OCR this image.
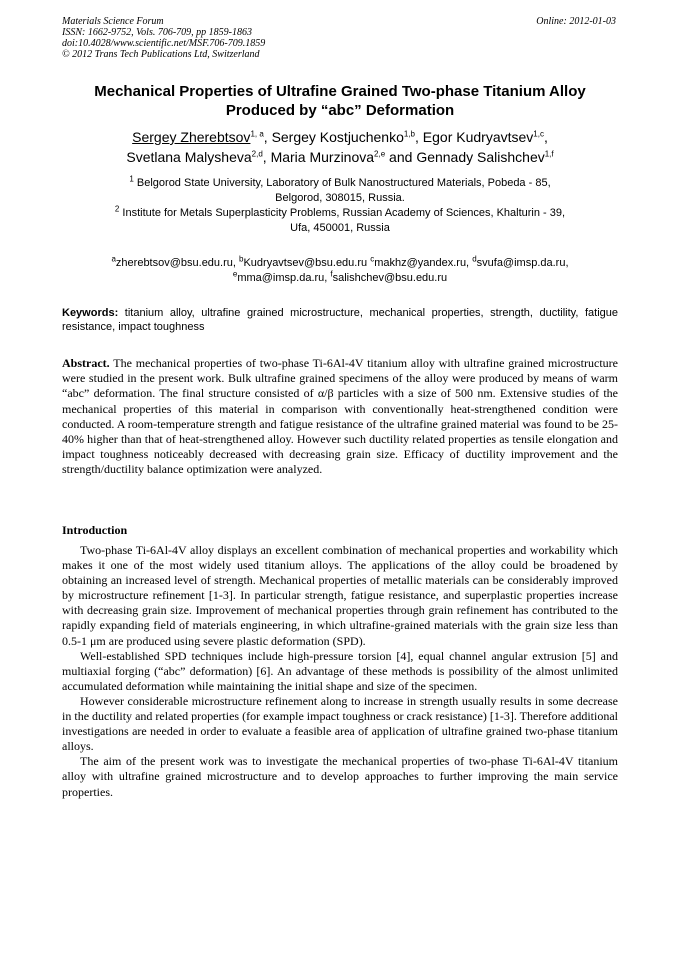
Materials Science Forum
ISSN: 1662-9752, Vols. 706-709, pp 1859-1863
doi:10.4028/www.scientific.net/MSF.706-709.1859
© 2012 Trans Tech Publications Ltd, Switzerland
Online: 2012-01-03
Mechanical Properties of Ultrafine Grained Two-phase Titanium Alloy
Produced by “abc” Deformation
Sergey Zherebtsov$^{1, a}$, Sergey Kostjuchenko$^{1,b}$, Egor Kudryavtsev$^{1,c}$,
Svetlana Malysheva$^{2,d}$, Maria Murzinova$^{2,e}$ and Gennady Salishchev$^{1,f}$
$^1$ Belgorod State University, Laboratory of Bulk Nanostructured Materials, Pobeda - 85,
Belgorod, 308015, Russia.
$^2$ Institute for Metals Superplasticity Problems, Russian Academy of Sciences, Khalturin - 39,
Ufa, 450001, Russia
$^a$zherebtsov@bsu.edu.ru, $^b$Kudryavtsev@bsu.edu.ru $^c$makhz@yandex.ru, $^d$svufa@imsp.da.ru,
$^e$mma@imsp.da.ru, $^f$salishchev@bsu.edu.ru
Keywords: titanium alloy, ultrafine grained microstructure, mechanical properties, strength, ductility, fatigue resistance, impact toughness
Abstract. The mechanical properties of two-phase Ti-6Al-4V titanium alloy with ultrafine grained microstructure were studied in the present work. Bulk ultrafine grained specimens of the alloy were produced by means of warm “abc” deformation. The final structure consisted of α/β particles with a size of 500 nm. Extensive studies of the mechanical properties of this material in comparison with conventionally heat-strengthened condition were conducted. A room-temperature strength and fatigue resistance of the ultrafine grained material was found to be 25-40% higher than that of heat-strengthened alloy. However such ductility related properties as tensile elongation and impact toughness noticeably decreased with decreasing grain size. Efficacy of ductility improvement and the strength/ductility balance optimization were analyzed.
Introduction

Two-phase Ti-6Al-4V alloy displays an excellent combination of mechanical properties and workability which makes it one of the most widely used titanium alloys. The applications of the alloy could be broadened by obtaining an increased level of strength. Mechanical properties of metallic materials can be considerably improved by microstructure refinement [1-3]. In particular strength, fatigue resistance, and superplastic properties increase with decreasing grain size. Improvement of mechanical properties through grain refinement has contributed to the rapidly expanding field of materials engineering, in which ultrafine-grained materials with the grain size less than 0.5-1 μm are produced using severe plastic deformation (SPD).

Well-established SPD techniques include high-pressure torsion [4], equal channel angular extrusion [5] and multiaxial forging (“abc” deformation) [6]. An advantage of these methods is possibility of the almost unlimited accumulated deformation while maintaining the initial shape and size of the specimen.

However considerable microstructure refinement along to increase in strength usually results in some decrease in the ductility and related properties (for example impact toughness or crack resistance) [1-3]. Therefore additional investigations are needed in order to evaluate a feasible area of application of ultrafine grained two-phase titanium alloys.

The aim of the present work was to investigate the mechanical properties of two-phase Ti-6Al-4V titanium alloy with ultrafine grained microstructure and to develop approaches to further improving the main service properties.
